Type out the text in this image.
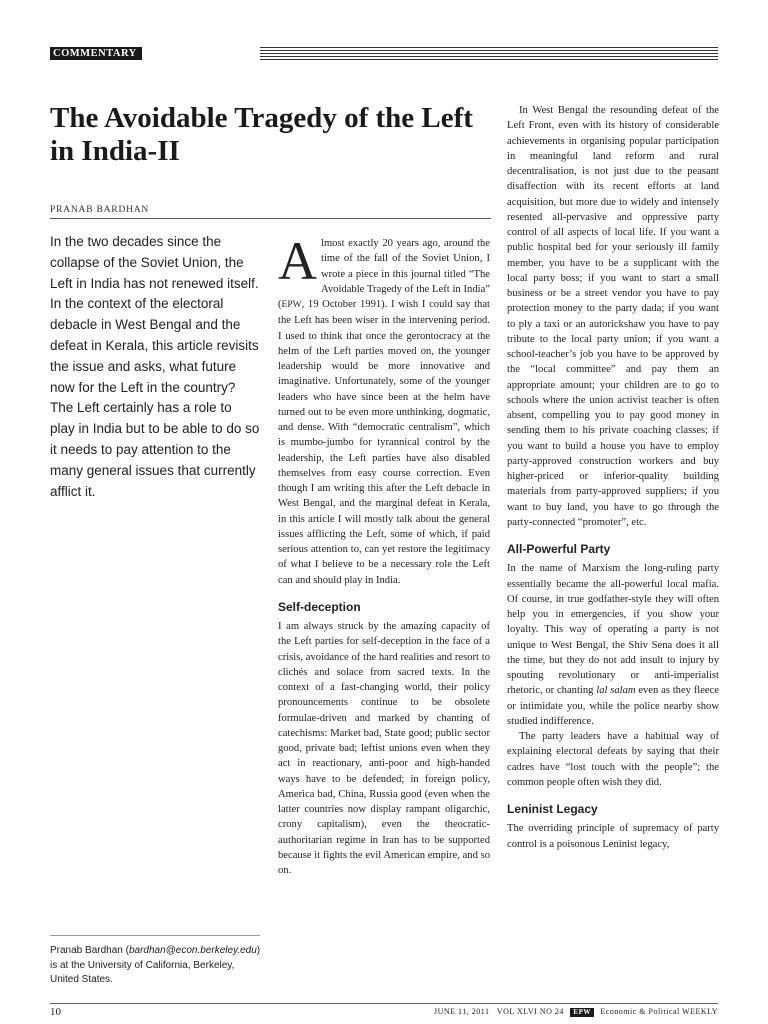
COMMENTARY
The Avoidable Tragedy of the Left in India-II
PRANAB BARDHAN

In the two decades since the collapse of the Soviet Union, the Left in India has not renewed itself. In the context of the electoral debacle in West Bengal and the defeat in Kerala, this article revisits the issue and asks, what future now for the Left in the country? The Left certainly has a role to play in India but to be able to do so it needs to pay attention to the many general issues that currently afflict it.

Almost exactly 20 years ago, around the time of the fall of the Soviet Union, I wrote a piece in this journal titled “The Avoidable Tragedy of the Left in India” (EPW, 19 October 1991). I wish I could say that the Left has been wiser in the intervening period. I used to think that once the gerontocracy at the helm of the Left parties moved on, the younger leadership would be more innovative and imaginative. Unfortunately, some of the younger leaders who have since been at the helm have turned out to be even more unthinking, dogmatic, and dense. With “democratic centralism”, which is mumbo-jumbo for tyrannical control by the leadership, the Left parties have also disabled themselves from easy course correction. Even though I am writing this after the Left debacle in West Bengal, and the marginal defeat in Kerala, in this article I will mostly talk about the general issues afflicting the Left, some of which, if paid serious attention to, can yet restore the legitimacy of what I believe to be a necessary role the Left can and should play in India.

Self-deception

I am always struck by the amazing capacity of the Left parties for self-deception in the face of a crisis, avoidance of the hard realities and resort to clichés and solace from sacred texts. In the context of a fast-changing world, their policy pronouncements continue to be obsolete formulae-driven and marked by chanting of catechisms: Market bad, State good; public sector good, private bad; leftist unions even when they act in reactionary, anti-poor and high-handed ways have to be defended; in foreign policy, America bad, China, Russia good (even when the latter countries now display rampant oligarchic, crony capitalism), even the theocratic-authoritarian regime in Iran has to be supported because it fights the evil American empire, and so on.

In West Bengal the resounding defeat of the Left Front, even with its history of considerable achievements in organising popular participation in meaningful land reform and rural decentralisation, is not just due to the peasant disaffection with its recent efforts at land acquisition, but more due to widely and intensely resented all-pervasive and oppressive party control of all aspects of local life. If you want a public hospital bed for your seriously ill family member, you have to be a supplicant with the local party boss; if you want to start a small business or be a street vendor you have to pay protection money to the party dada; if you want to ply a taxi or an autorickshaw you have to pay tribute to the local party union; if you want a school-teacher’s job you have to be approved by the “local committee” and pay them an appropriate amount; your children are to go to schools where the union activist teacher is often absent, compelling you to pay good money in sending them to his private coaching classes; if you want to build a house you have to employ party-approved construction workers and buy higher-priced or inferior-quality building materials from party-approved suppliers; if you want to buy land, you have to go through the party-connected “promoter”, etc.

All-Powerful Party

In the name of Marxism the long-ruling party essentially became the all-powerful local mafia. Of course, in true godfather-style they will often help you in emergencies, if you show your loyalty. This way of operating a party is not unique to West Bengal, the Shiv Sena does it all the time, but they do not add insult to injury by spouting revolutionary or anti-imperialist rhetoric, or chanting lal salam even as they fleece or intimidate you, while the police nearby show studied indifference.

The party leaders have a habitual way of explaining electoral defeats by saying that their cadres have “lost touch with the people”; the common people often wish they did.

Leninist Legacy

The overriding principle of supremacy of party control is a poisonous Leninist legacy,

Pranab Bardhan (bardhan@econ.berkeley.edu) is at the University of California, Berkeley, United States.

10	JUNE 11, 2011 VOL XLVI NO 24 EPW Economic & Political WEEKLY
